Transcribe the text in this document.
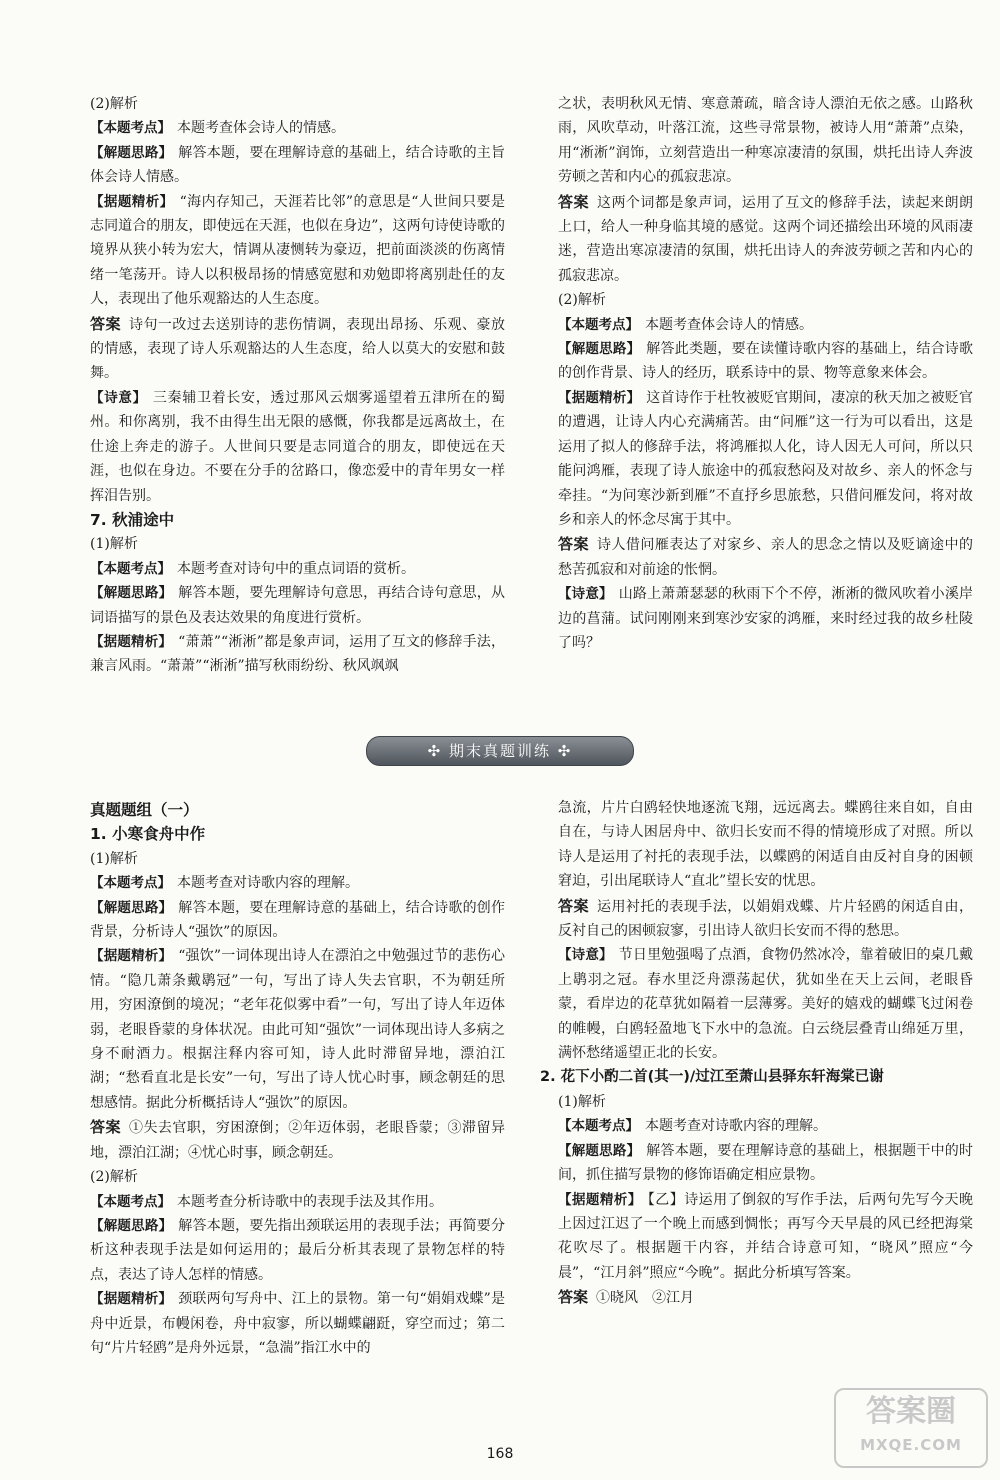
(2)解析

【本题考点】 本题考查体会诗人的情感。

【解题思路】 解答本题，要在理解诗意的基础上，结合诗歌的主旨体会诗人情感。

【据题精析】 “海内存知己，天涯若比邻”的意思是“人世间只要是志同道合的朋友，即使远在天涯，也似在身边”，这两句诗使诗歌的境界从狭小转为宏大，情调从凄恻转为豪迈，把前面淡淡的伤离情绪一笔荡开。诗人以积极昂扬的情感宽慰和劝勉即将离别赴任的友人，表现出了他乐观豁达的人生态度。

答案 诗句一改过去送别诗的悲伤情调，表现出昂扬、乐观、豪放的情感，表现了诗人乐观豁达的人生态度，给人以莫大的安慰和鼓舞。

【诗意】 三秦辅卫着长安，透过那风云烟雾遥望着五津所在的蜀州。和你离别，我不由得生出无限的感慨，你我都是远离故土，在仕途上奔走的游子。人世间只要是志同道合的朋友，即使远在天涯，也似在身边。不要在分手的岔路口，像恋爱中的青年男女一样挥泪告别。

7. 秋浦途中

(1)解析

【本题考点】 本题考查对诗句中的重点词语的赏析。

【解题思路】 解答本题，要先理解诗句意思，再结合诗句意思，从词语描写的景色及表达效果的角度进行赏析。

【据题精析】 “萧萧”“淅淅”都是象声词，运用了互文的修辞手法，兼言风雨。“萧萧”“淅淅”描写秋雨纷纷、秋风飒飒

之状，表明秋风无情、寒意萧疏，暗含诗人漂泊无依之感。山路秋雨，风吹草动，叶落江流，这些寻常景物，被诗人用“萧萧”点染，用“淅淅”润饰，立刻营造出一种寒凉凄清的氛围，烘托出诗人奔波劳顿之苦和内心的孤寂悲凉。

答案 这两个词都是象声词，运用了互文的修辞手法，读起来朗朗上口，给人一种身临其境的感觉。这两个词还描绘出环境的风雨凄迷，营造出寒凉凄清的氛围，烘托出诗人的奔波劳顿之苦和内心的孤寂悲凉。

(2)解析

【本题考点】 本题考查体会诗人的情感。

【解题思路】 解答此类题，要在读懂诗歌内容的基础上，结合诗歌的创作背景、诗人的经历，联系诗中的景、物等意象来体会。

【据题精析】 这首诗作于杜牧被贬官期间，凄凉的秋天加之被贬官的遭遇，让诗人内心充满痛苦。由“问雁”这一行为可以看出，这是运用了拟人的修辞手法，将鸿雁拟人化，诗人因无人可问，所以只能问鸿雁，表现了诗人旅途中的孤寂愁闷及对故乡、亲人的怀念与牵挂。“为问寒沙新到雁”不直抒乡思旅愁，只借问雁发问，将对故乡和亲人的怀念尽寓于其中。

答案 诗人借问雁表达了对家乡、亲人的思念之情以及贬谪途中的愁苦孤寂和对前途的怅惘。

【诗意】 山路上萧萧瑟瑟的秋雨下个不停，淅淅的微风吹着小溪岸边的菖蒲。试问刚刚来到寒沙安家的鸿雁，来时经过我的故乡杜陵了吗？

✣ 期末真题训练 ✣

真题题组（一）

1. 小寒食舟中作

(1)解析

【本题考点】 本题考查对诗歌内容的理解。

【解题思路】 解答本题，要在理解诗意的基础上，结合诗歌的创作背景，分析诗人“强饮”的原因。

【据题精析】 “强饮”一词体现出诗人在漂泊之中勉强过节的悲伤心情。“隐几萧条戴鹖冠”一句，写出了诗人失去官职，不为朝廷所用，穷困潦倒的境况；“老年花似雾中看”一句，写出了诗人年迈体弱，老眼昏蒙的身体状况。由此可知“强饮”一词体现出诗人多病之身不耐酒力。根据注释内容可知，诗人此时滞留异地，漂泊江湖；“愁看直北是长安”一句，写出了诗人忧心时事，顾念朝廷的思想感情。据此分析概括诗人“强饮”的原因。

答案 ①失去官职，穷困潦倒；②年迈体弱，老眼昏蒙；③滞留异地，漂泊江湖；④忧心时事，顾念朝廷。

(2)解析

【本题考点】 本题考查分析诗歌中的表现手法及其作用。

【解题思路】 解答本题，要先指出颈联运用的表现手法；再简要分析这种表现手法是如何运用的；最后分析其表现了景物怎样的特点，表达了诗人怎样的情感。

【据题精析】 颈联两句写舟中、江上的景物。第一句“娟娟戏蝶”是舟中近景，布幔闲卷，舟中寂寥，所以蝴蝶翩跹，穿空而过；第二句“片片轻鸥”是舟外远景，“急湍”指江水中的

急流，片片白鸥轻快地逐流飞翔，远远离去。蝶鸥往来自如，自由自在，与诗人困居舟中、欲归长安而不得的情境形成了对照。所以诗人是运用了衬托的表现手法，以蝶鸥的闲适自由反衬自身的困顿窘迫，引出尾联诗人“直北”望长安的忧思。

答案 运用衬托的表现手法，以娟娟戏蝶、片片轻鸥的闲适自由，反衬自己的困顿寂寥，引出诗人欲归长安而不得的愁思。

【诗意】 节日里勉强喝了点酒，食物仍然冰冷，靠着破旧的桌几戴上鹖羽之冠。春水里泛舟漂荡起伏，犹如坐在天上云间，老眼昏蒙，看岸边的花草犹如隔着一层薄雾。美好的嬉戏的蝴蝶飞过闲卷的帷幔，白鸥轻盈地飞下水中的急流。白云绕层叠青山绵延万里，满怀愁绪遥望正北的长安。

2. 花下小酌二首(其一)/过江至萧山县驿东轩海棠已谢

(1)解析

【本题考点】 本题考查对诗歌内容的理解。

【解题思路】 解答本题，要在理解诗意的基础上，根据题干中的时间，抓住描写景物的修饰语确定相应景物。

【据题精析】 【乙】诗运用了倒叙的写作手法，后两句先写今天晚上因过江迟了一个晚上而感到惆怅；再写今天早晨的风已经把海棠花吹尽了。根据题干内容，并结合诗意可知，“晓风”照应“今晨”，“江月斜”照应“今晚”。据此分析填写答案。

答案 ①晓风　②江月

168
答案圈
MXQE.COM
